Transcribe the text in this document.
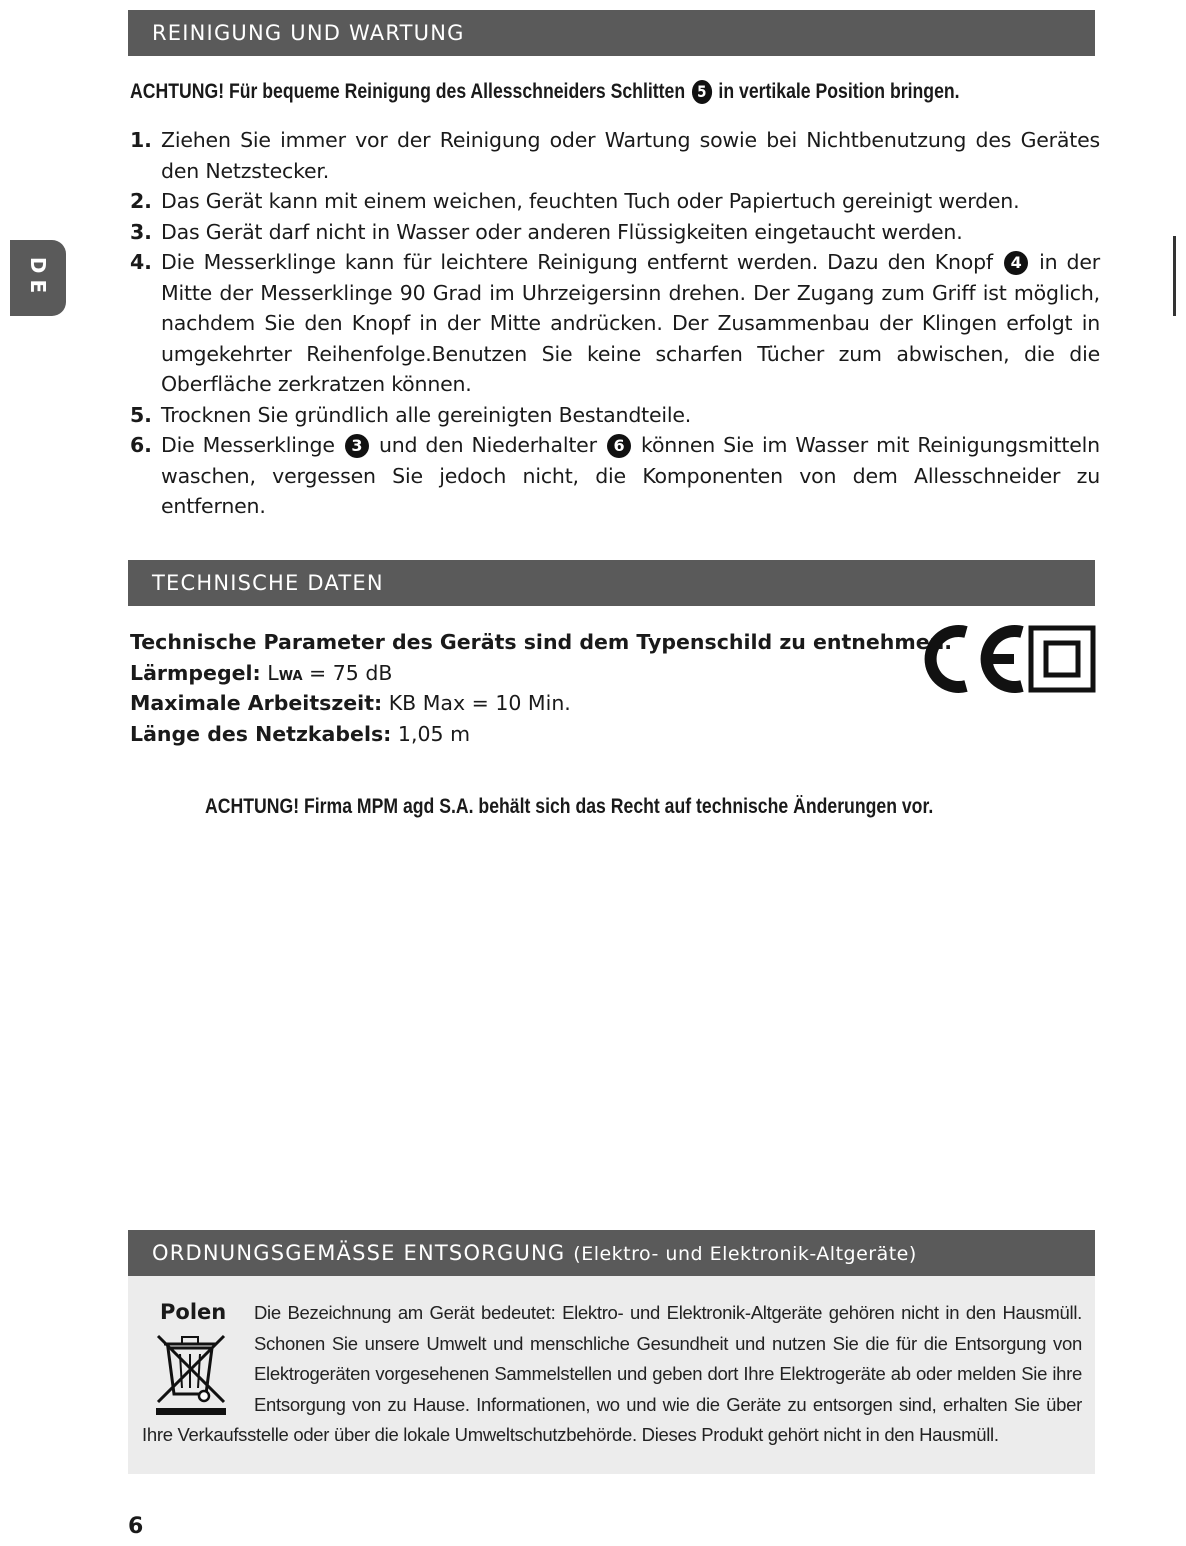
DE
REINIGUNG UND WARTUNG
ACHTUNG! Für bequeme Reinigung des Allesschneiders Schlitten 5 in vertikale Position bringen.
1. Ziehen Sie immer vor der Reinigung oder Wartung sowie bei Nichtbenutzung des Gerätes den Netzstecker.
2. Das Gerät kann mit einem weichen, feuchten Tuch oder Papiertuch gereinigt werden.
3. Das Gerät darf nicht in Wasser oder anderen Flüssigkeiten eingetaucht werden.
4. Die Messerklinge kann für leichtere Reinigung entfernt werden. Dazu den Knopf 4 in der Mitte der Messerklinge 90 Grad im Uhrzeigersinn drehen. Der Zugang zum Griff ist möglich, nachdem Sie den Knopf in der Mitte andrücken. Der Zusammenbau der Klingen erfolgt in umgekehrter Reihenfolge.Benutzen Sie keine scharfen Tücher zum abwischen, die die Oberfläche zerkratzen können.
5. Trocknen Sie gründlich alle gereinigten Bestandteile.
6. Die Messerklinge 3 und den Niederhalter 6 können Sie im Wasser mit Reinigungsmitteln waschen, vergessen Sie jedoch nicht, die Komponenten von dem Allesschneider zu entfernen.
TECHNISCHE DATEN
Technische Parameter des Geräts sind dem Typenschild zu entnehmen.
Lärmpegel: LWA = 75 dB
Maximale Arbeitszeit: KB Max = 10 Min.
Länge des Netzkabels: 1,05 m
ACHTUNG! Firma MPM agd S.A. behält sich das Recht auf technische Änderungen vor.
ORDNUNGSGEMÄSSE ENTSORGUNG (Elektro- und Elektronik-Altgeräte)
Polen	Die Bezeichnung am Gerät bedeutet: Elektro- und Elektronik-Altgeräte gehören nicht in den Hausmüll. Schonen Sie unsere Umwelt und menschliche Gesundheit und nutzen Sie die für die Entsorgung von Elektrogeräten vorgesehenen Sammelstellen und geben dort Ihre Elektrogeräte ab oder melden Sie ihre Entsorgung von zu Hause. Informationen, wo und wie die Geräte zu entsorgen sind, erhalten Sie über Ihre Verkaufsstelle oder über die lokale Umweltschutzbehörde. Dieses Produkt gehört nicht in den Hausmüll.
6
